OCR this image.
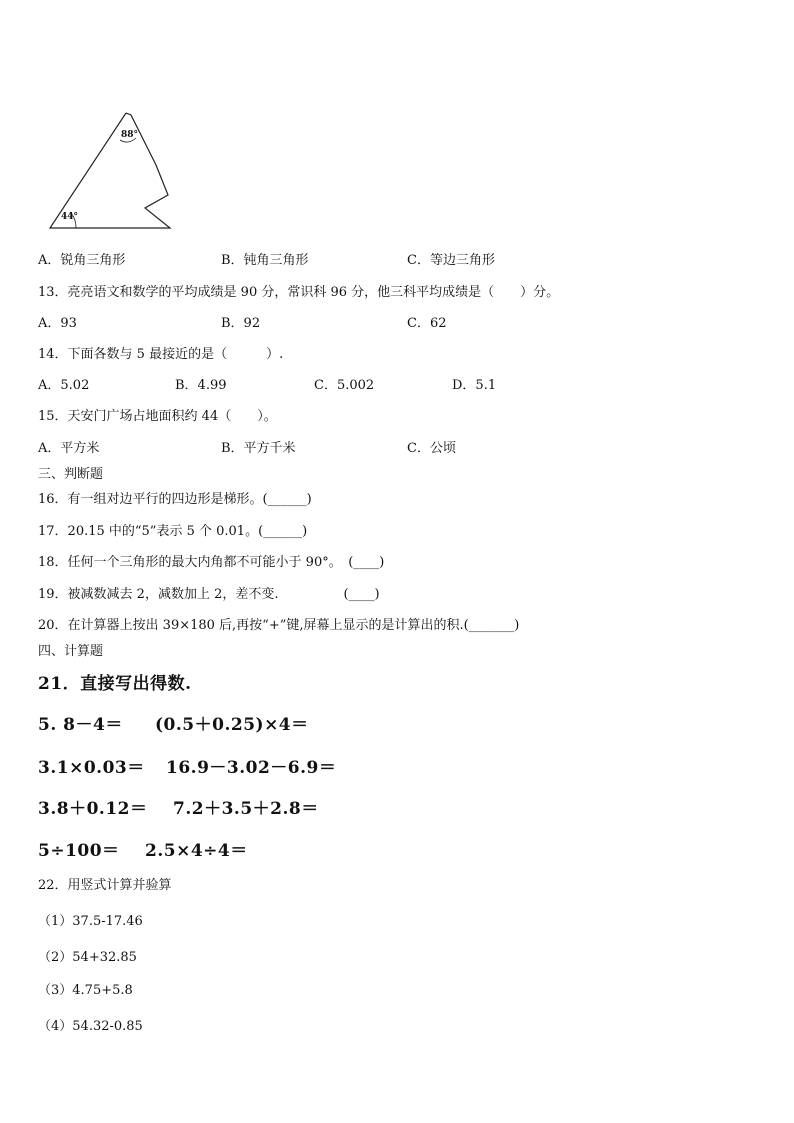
88°
44°
A．锐角三角形	B．钝角三角形	C．等边三角形
13．亮亮语文和数学的平均成绩是 90 分，常识科 96 分，他三科平均成绩是（　　）分。
A．93	B．92	C．62
14．下面各数与 5 最接近的是（　　　）.
A．5.02	B．4.99	C．5.002	D．5.1
15．天安门广场占地面积约 44（　　）。
A．平方米	B．平方千米	C．公顷
三、判断题
16．有一组对边平行的四边形是梯形。(______)
17．20.15 中的“5”表示 5 个 0.01。(______)
18．任何一个三角形的最大内角都不可能小于 90°。　(____)
19．被减数减去 2，减数加上 2，差不变.　　　　　(____)
20．在计算器上按出 39×180 后,再按“+”键,屏幕上显示的是计算出的积.(_______)
四、计算题
21．直接写出得数.
5. 8－4＝ (0.5＋0.25)×4＝
3.1×0.03＝ 16.9－3.02－6.9＝
3.8＋0.12＝ 7.2＋3.5＋2.8＝
5÷100＝ 2.5×4÷4＝
22．用竖式计算并验算
（1）37.5-17.46
（2）54+32.85
（3）4.75+5.8
（4）54.32-0.85
